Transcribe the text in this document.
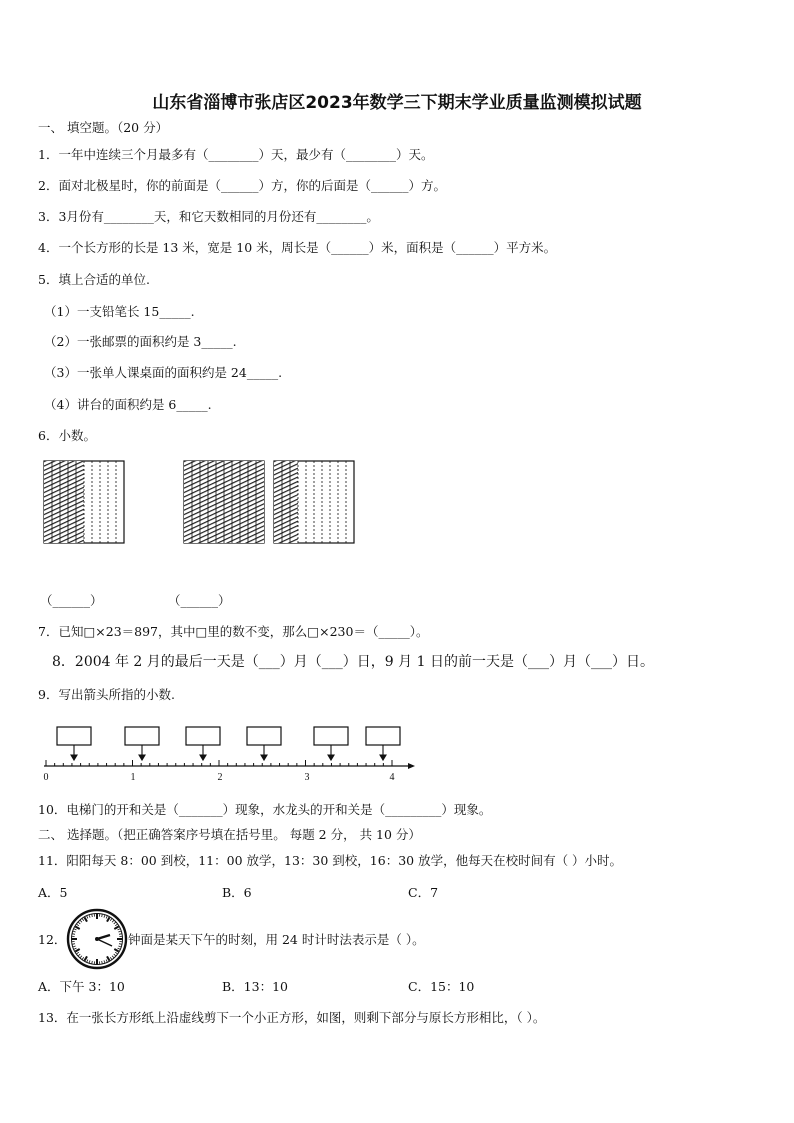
山东省淄博市张店区2023年数学三下期末学业质量监测模拟试题
一、 填空题。（20 分）
1．一年中连续三个月最多有（________）天，最少有（________）天。
2．面对北极星时，你的前面是（______）方，你的后面是（______）方。
3．3月份有________天，和它天数相同的月份还有________。
4．一个长方形的长是 13 米，宽是 10 米，周长是（______）米，面积是（______）平方米。
5．填上合适的单位.
（1）一支铅笔长 15_____.
（2）一张邮票的面积约是 3_____.
（3）一张单人课桌面的面积约是 24_____.
（4）讲台的面积约是 6_____.
6．小数。
（______）	（______）
7．已知□×23＝897，其中□里的数不变，那么□×230＝（_____）。
8．2004 年 2 月的最后一天是（___）月（___）日，9 月 1 日的前一天是（___）月（___）日。
9．写出箭头所指的小数.
0	1	2	3	4
10．电梯门的开和关是（_______）现象，水龙头的开和关是（_________）现象。
二、 选择题。（把正确答案序号填在括号里。 每题 2 分， 共 10 分）
11．阳阳每天 8：00 到校，11：00 放学，13：30 到校，16：30 放学，他每天在校时间有（ ）小时。
A．5	B．6	C．7
12．	钟面是某天下午的时刻，用 24 时计时法表示是（ ）。
A．下午 3：10	B．13：10	C．15：10
13．在一张长方形纸上沿虚线剪下一个小正方形，如图，则剩下部分与原长方形相比，（ ）。
